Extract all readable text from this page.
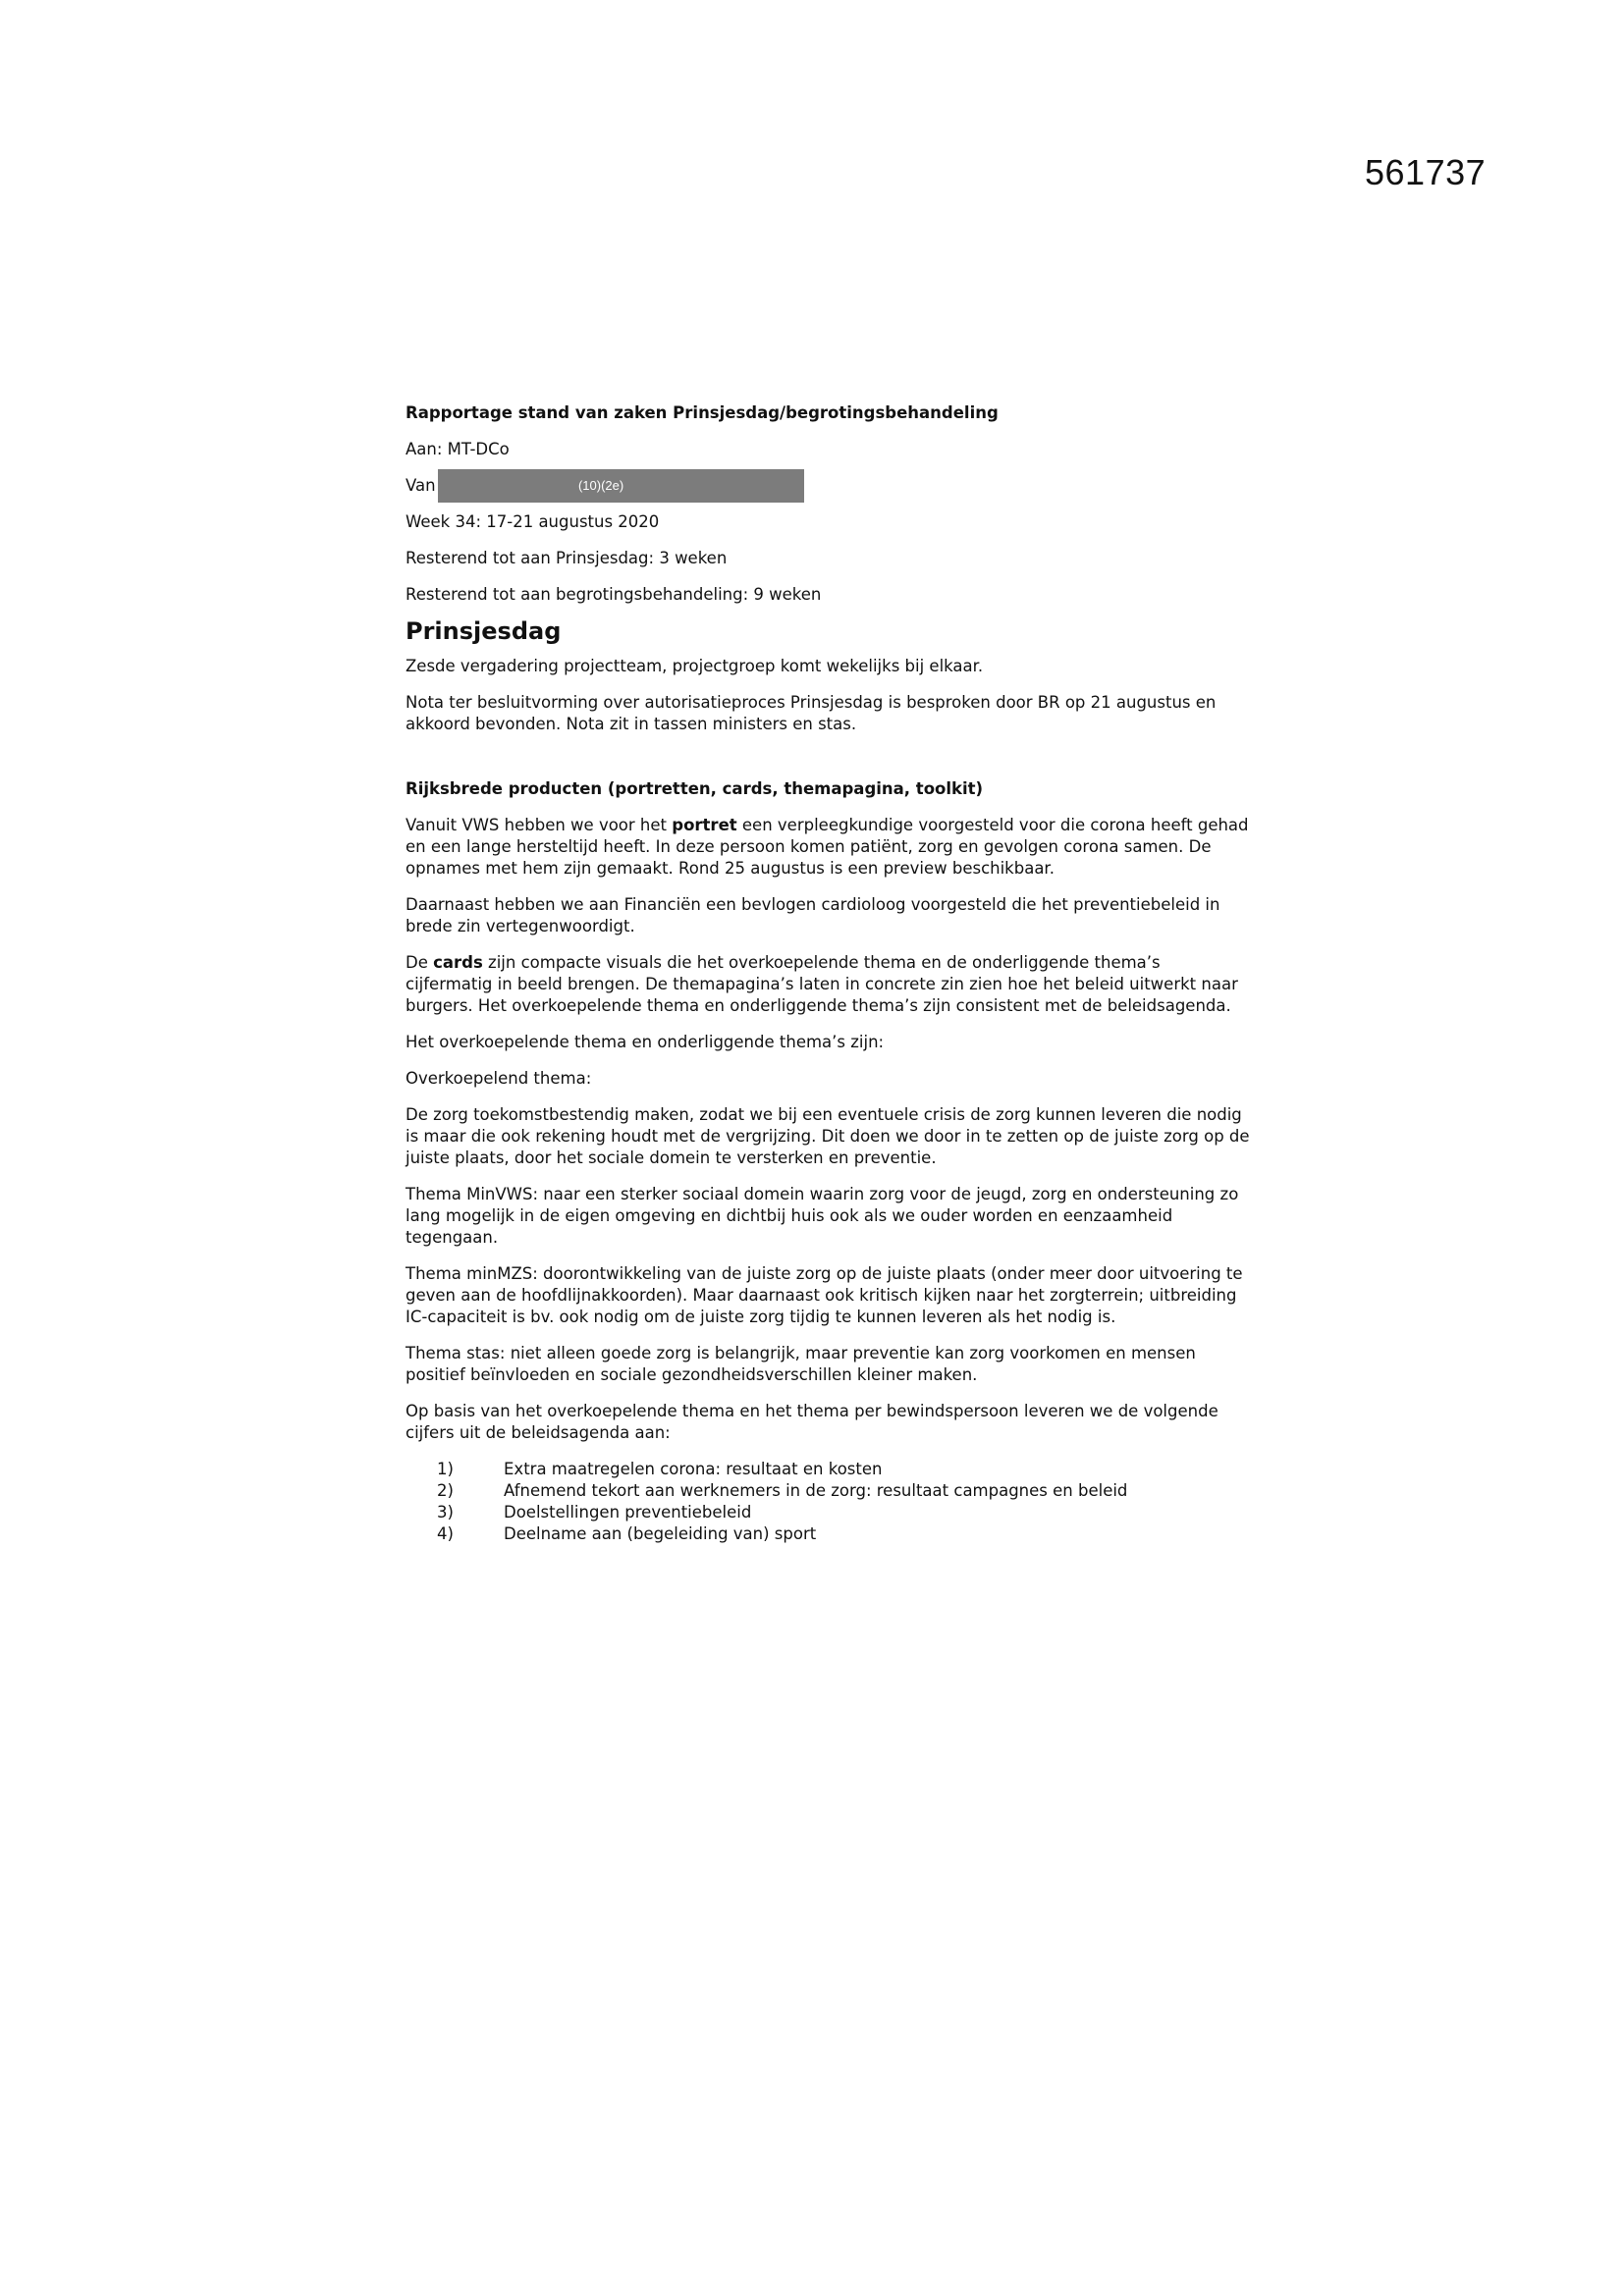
561737

Rapportage stand van zaken Prinsjesdag/begrotingsbehandeling

Aan: MT-DCo

Van	(10)(2e)

Week 34: 17-21 augustus 2020

Resterend tot aan Prinsjesdag: 3 weken

Resterend tot aan begrotingsbehandeling: 9 weken

Prinsjesdag

Zesde vergadering projectteam, projectgroep komt wekelijks bij elkaar.

Nota ter besluitvorming over autorisatieproces Prinsjesdag is besproken door BR op 21 augustus en akkoord bevonden. Nota zit in tassen ministers en stas.

Rijksbrede producten (portretten, cards, themapagina, toolkit)

Vanuit VWS hebben we voor het portret een verpleegkundige voorgesteld voor die corona heeft gehad en een lange hersteltijd heeft. In deze persoon komen patiënt, zorg en gevolgen corona samen. De opnames met hem zijn gemaakt. Rond 25 augustus is een preview beschikbaar.

Daarnaast hebben we aan Financiën een bevlogen cardioloog voorgesteld die het preventiebeleid in brede zin vertegenwoordigt.

De cards zijn compacte visuals die het overkoepelende thema en de onderliggende thema’s cijfermatig in beeld brengen. De themapagina’s laten in concrete zin zien hoe het beleid uitwerkt naar burgers. Het overkoepelende thema en onderliggende thema’s zijn consistent met de beleidsagenda.

Het overkoepelende thema en onderliggende thema’s zijn:

Overkoepelend thema:

De zorg toekomstbestendig maken, zodat we bij een eventuele crisis de zorg kunnen leveren die nodig is maar die ook rekening houdt met de vergrijzing. Dit doen we door in te zetten op de juiste zorg op de juiste plaats, door het sociale domein te versterken en preventie.

Thema MinVWS: naar een sterker sociaal domein waarin zorg voor de jeugd, zorg en ondersteuning zo lang mogelijk in de eigen omgeving en dichtbij huis ook als we ouder worden en eenzaamheid tegengaan.

Thema minMZS: doorontwikkeling van de juiste zorg op de juiste plaats (onder meer door uitvoering te geven aan de hoofdlijnakkoorden). Maar daarnaast ook kritisch kijken naar het zorgterrein; uitbreiding IC-capaciteit is bv. ook nodig om de juiste zorg tijdig te kunnen leveren als het nodig is.

Thema stas: niet alleen goede zorg is belangrijk, maar preventie kan zorg voorkomen en mensen positief beïnvloeden en sociale gezondheidsverschillen kleiner maken.

Op basis van het overkoepelende thema en het thema per bewindspersoon leveren we de volgende cijfers uit de beleidsagenda aan:

1)	Extra maatregelen corona: resultaat en kosten
2)	Afnemend tekort aan werknemers in de zorg: resultaat campagnes en beleid
3)	Doelstellingen preventiebeleid
4)	Deelname aan (begeleiding van) sport
